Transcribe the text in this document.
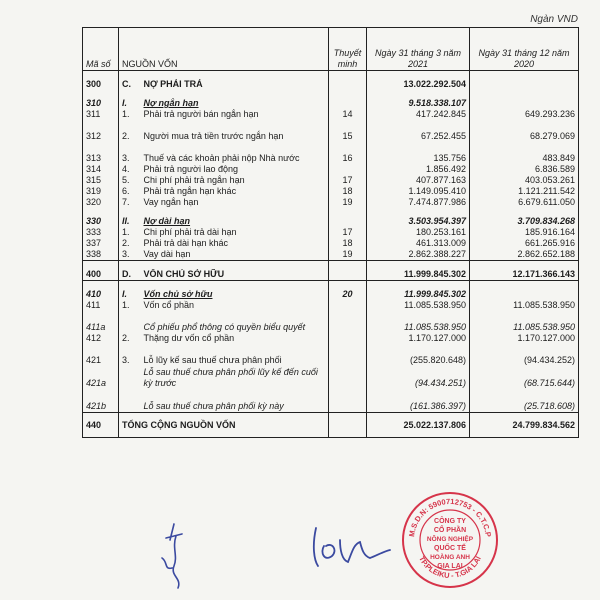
Ngàn VND
Mã số	NGUỒN VỐN		Thuyết minh	Ngày 31 tháng 3 năm 2021	Ngày 31 tháng 12 năm 2020

300	C.	NỢ PHẢI TRẢ		13.022.292.504	

310	I.	Nợ ngắn hạn		9.518.338.107	
311	1.	Phải trả người bán ngắn hạn	14	417.242.845	649.293.236
312	2.	Người mua trả tiền trước ngắn hạn	15	67.252.455	68.279.069
313	3.	Thuế và các khoản phải nộp Nhà nước	16	135.756	483.849
314	4.	Phải trả người lao động		1.856.492	6.836.589
315	5.	Chi phí phải trả ngắn hạn	17	407.877.163	403.053.261
319	6.	Phải trả ngắn hạn khác	18	1.149.095.410	1.121.211.542
320	7.	Vay ngắn hạn	19	7.474.877.986	6.679.611.050

330	II.	Nợ dài hạn		3.503.954.397	3.709.834.268
333	1.	Chi phí phải trả dài hạn	17	180.253.161	185.916.164
337	2.	Phải trả dài hạn khác	18	461.313.009	661.265.916
338	3.	Vay dài hạn	19	2.862.388.227	2.862.652.188

400	D.	VỐN CHỦ SỞ HỮU		11.999.845.302	12.171.366.143

410	I.	Vốn chủ sở hữu	20	11.999.845.302	
411	1.	Vốn cổ phần		11.085.538.950	11.085.538.950
411a		Cổ phiếu phổ thông có quyền biểu quyết		11.085.538.950	11.085.538.950
412	2.	Thặng dư vốn cổ phần		1.170.127.000	1.170.127.000
421	3.	Lỗ lũy kế sau thuế chưa phân phối		(255.820.648)	(94.434.252)
421a		Lỗ sau thuế chưa phân phối lũy kế đến cuối kỳ trước		(94.434.251)	(68.715.644)
421b		Lỗ sau thuế chưa phân phối kỳ này		(161.386.397)	(25.718.608)
440	TỔNG CỘNG NGUỒN VỐN			25.022.137.806	24.799.834.562
M.S.D.N: 5900712753 - C.T.C.P
TP.PLEIKU - T.GIA LAI
CÔNG TY
CỔ PHẦN
NÔNG NGHIỆP
QUỐC TẾ
HOÀNG ANH
GIA LAI
